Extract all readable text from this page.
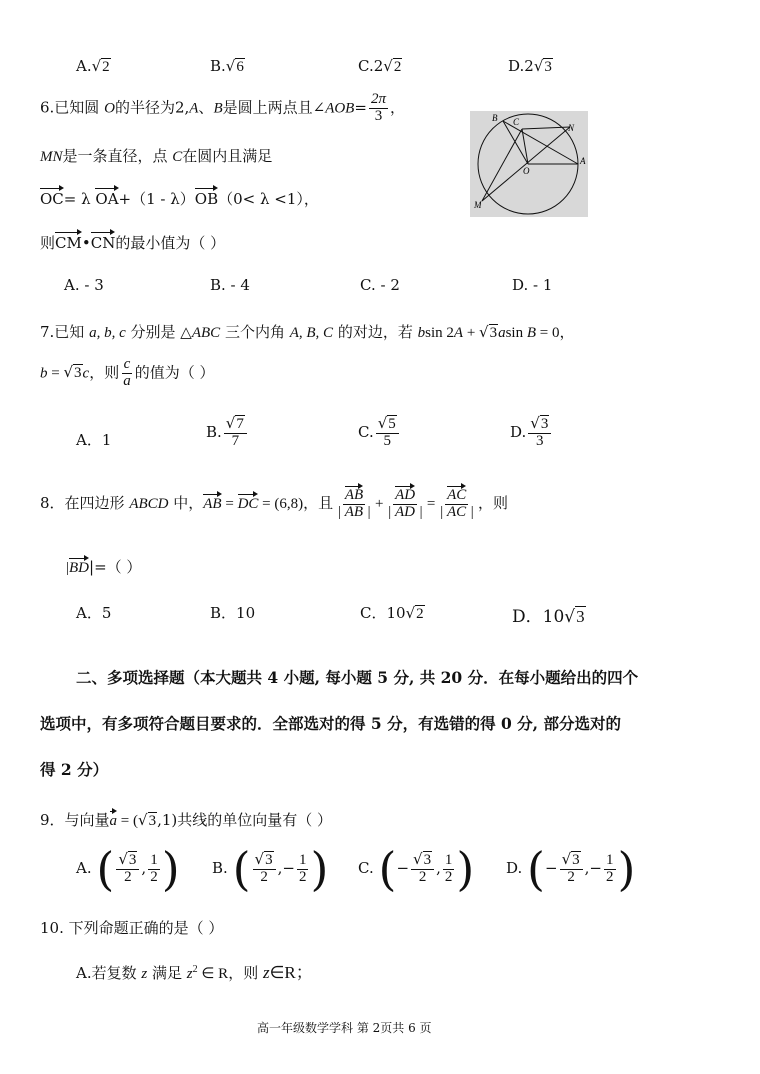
A.√2	B.√6	C.2√2	D.2√3
6.已知圆 O的半径为2,A、B是圆上两点且∠AOB= $\frac{2\pi}{3}$ ，
MN是一条直径，点 C在圆内且满足
OC= λ OA+（1 - λ）OB（0< λ <1），
则CM•CN的最小值为（ ）
B C
N
O
A
M
A. - 3	B. - 4	C. - 2	D. - 1
7.已知 a, b, c 分别是 △ABC 三个内角 A, B, C 的对边，若 bsin 2A + √3asin B = 0，
b = √3c，则 $\frac{c}{a}$ 的值为（ ）
A．1	B. $\frac{√7}{7}$	C. $\frac{√5}{5}$	D. $\frac{√3}{3}$
8．在四边形 ABCD 中，AB = DC = (6,8)，且 $\frac{AB}{| AB |} + \frac{AD}{| AD |} = \frac{AC}{| AC |}$ ，则
|BD|=（ ）
A．5	B．10	C．10√2	D．10√3
二、多项选择题（本大题共 4 小题, 每小题 5 分, 共 20 分．在每小题给出的四个
选项中，有多项符合题目要求的．全部选对的得 5 分，有选错的得 0 分, 部分选对的
得 2 分）
9．与向量a = (√3,1)共线的单位向量有（ ）
A. ( $\frac{√3}{2}$ , $\frac{1}{2}$ ) B. ( $\frac{√3}{2}$ ,− $\frac{1}{2}$ ) C. (− $\frac{√3}{2}$ , $\frac{1}{2}$ ) D. (− $\frac{√3}{2}$ ,− $\frac{1}{2}$ )
10. 下列命题正确的是（ ）
A.若复数 z 满足 $z^2$ ∈ R，则 z∈R；
高一年级数学学科 第 2页共 6 页
